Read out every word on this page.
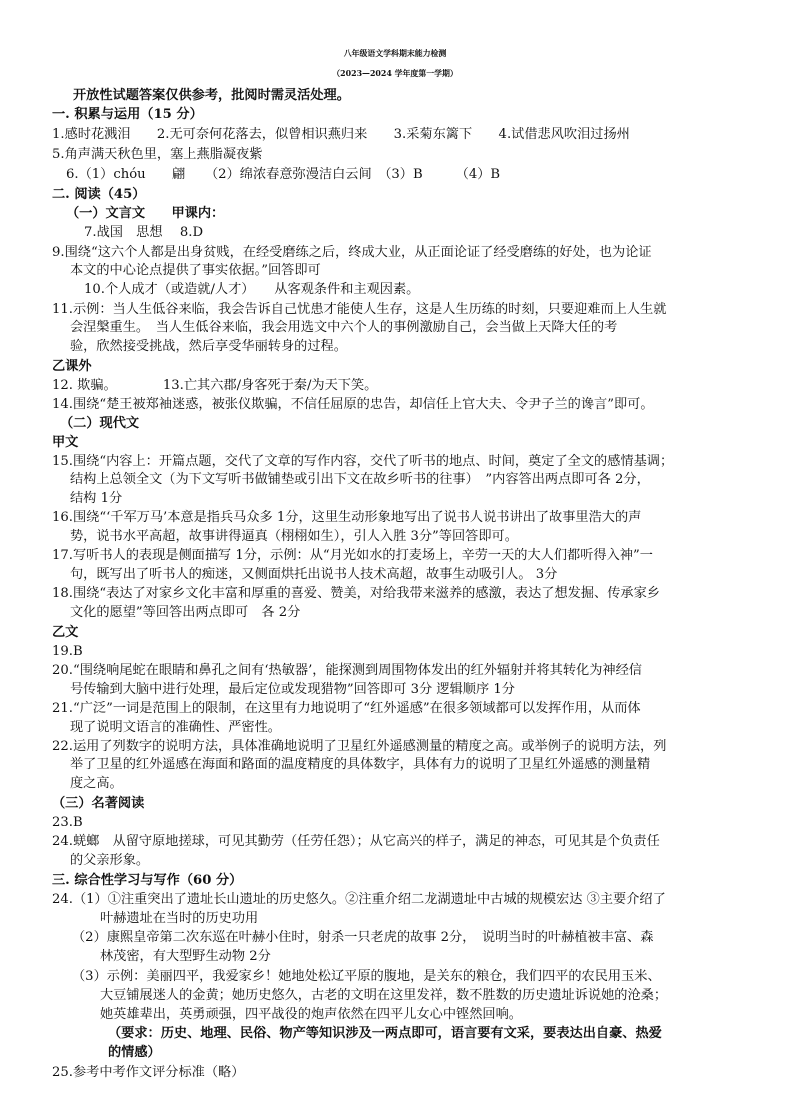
八年级语文学科期末能力检测
（2023—2024 学年度第一学期）
开放性试题答案仅供参考，批阅时需灵活处理。
一. 积累与运用（15 分）
1.感时花溅泪　　2.无可奈何花落去，似曾相识燕归来　　3.采菊东篱下　　4.试借悲风吹泪过扬州
5.角声满天秋色里，塞上燕脂凝夜紫
6.（1）chóu　　翩　　（2）绵浓春意弥漫洁白云间　（3）B　　　（4）B
二. 阅读（45）
（一）文言文　　甲课内：
7.战国　思想　 8.D
9.围绕“这六个人都是出身贫贱，在经受磨练之后，终成大业，从正面论证了经受磨练的好处，也为论证
本文的中心论点提供了事实依据。”回答即可
10.个人成才（或造就/人才）　　从客观条件和主观因素。
11.示例：当人生低谷来临，我会告诉自己忧患才能使人生存，这是人生历练的时刻，只要迎难而上人生就
会涅槃重生。　当人生低谷来临，我会用选文中六个人的事例激励自己，会当做上天降大任的考
验，欣然接受挑战，然后享受华丽转身的过程。
乙课外
12. 欺骗。　　　　13.亡其六郡/身客死于秦/为天下笑。
14.围绕“楚王被郑袖迷惑，被张仪欺骗，不信任屈原的忠告，却信任上官大夫、令尹子兰的谗言”即可。
（二）现代文
甲文
15.围绕“内容上：开篇点题，交代了文章的写作内容，交代了听书的地点、时间，奠定了全文的感情基调；
结构上总领全文（为下文写听书做铺垫或引出下文在故乡听书的往事）　”内容答出两点即可各 2分，
结构 1分
16.围绕“‘千军万马’本意是指兵马众多 1分，这里生动形象地写出了说书人说书讲出了故事里浩大的声
势，说书水平高超，故事讲得逼真（栩栩如生），引人入胜 3分”等回答即可。
17.写听书人的表现是侧面描写 1分，示例：从“月光如水的打麦场上，辛劳一天的大人们都听得入神”一
句，既写出了听书人的痴迷，又侧面烘托出说书人技术高超，故事生动吸引人。 3分
18.围绕“表达了对家乡文化丰富和厚重的喜爱、赞美，对给我带来滋养的感激，表达了想发掘、传承家乡
文化的愿望”等回答出两点即可　各 2分
乙文
19.B
20.“围绕响尾蛇在眼睛和鼻孔之间有‘热敏器’，能探测到周围物体发出的红外辐射并将其转化为神经信
号传输到大脑中进行处理，最后定位或发现猎物”回答即可 3分 逻辑顺序 1分
21.“广泛”一词是范围上的限制，在这里有力地说明了“红外遥感”在很多领域都可以发挥作用，从而体
现了说明文语言的准确性、严密性。
22.运用了列数字的说明方法，具体准确地说明了卫星红外遥感测量的精度之高。或举例子的说明方法，列
举了卫星的红外遥感在海面和路面的温度精度的具体数字，具体有力的说明了卫星红外遥感的测量精
度之高。
（三）名著阅读
23.B
24.蜣螂　从留守原地搓球，可见其勤劳（任劳任怨）；从它高兴的样子，满足的神态，可见其是个负责任
的父亲形象。
三. 综合性学习与写作（60 分）
24.（1）①注重突出了遗址长山遗址的历史悠久。②注重介绍二龙湖遗址中古城的规模宏达 ③主要介绍了
叶赫遗址在当时的历史功用
（2）康熙皇帝第二次东巡在叶赫小住时，射杀一只老虎的故事 2分，　说明当时的叶赫植被丰富、森
林茂密，有大型野生动物 2分
（3）示例：美丽四平，我爱家乡！她地处松辽平原的腹地，是关东的粮仓，我们四平的农民用玉米、
大豆铺展迷人的金黄；她历史悠久，古老的文明在这里发祥，数不胜数的历史遗址诉说她的沧桑；
她英雄辈出，英勇顽强，四平战役的炮声依然在四平儿女心中铿然回响。
（要求：历史、地理、民俗、物产等知识涉及一两点即可，语言要有文采，要表达出自豪、热爱
的情感）
25.参考中考作文评分标准（略）
